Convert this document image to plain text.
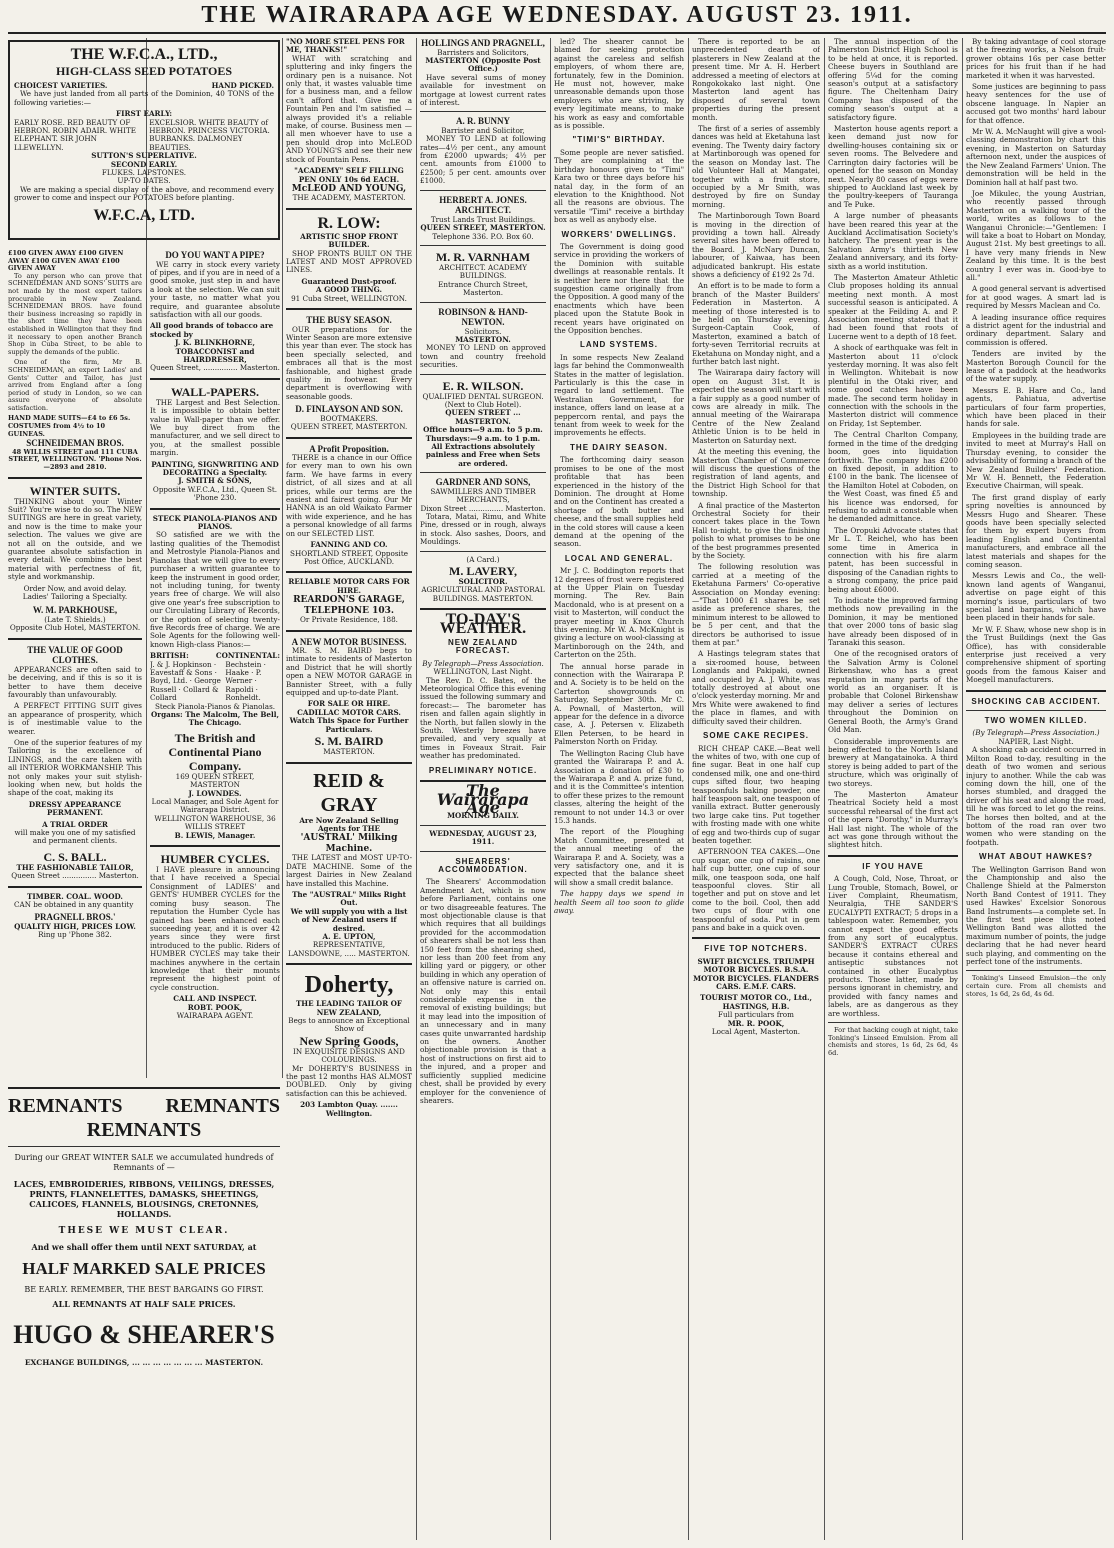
THE WAIRARAPA AGE WEDNESDAY. AUGUST 23. 1911.
THE W.F.C.A., LTD.,
HIGH-CLASS SEED POTATOES
CHOICEST VARIETIES.	HAND PICKED.
We have just landed from all parts of the Dominion, 40 TONS of the following varieties:—
FIRST EARLY:
EARLY ROSE. RED BEAUTY OF HEBRON. ROBIN ADAIR. WHITE ELEPHANT. SIR JOHN LLEWELLYN.
EXCELSIOR. WHITE BEAUTY of HEBRON. PRINCESS VICTORIA. BURBANKS. DALMONEY BEAUTIES.
SUTTON'S SUPERLATIVE.
SECOND EARLY.
FLUKES. LAPSTONES.
UP-TO DATES.
We are making a special display of the above, and recommend every grower to come and inspect our POTATOES before planting.
W.F.C.A, LTD.
£100 GIVEN AWAY £100 GIVEN AWAY £100 GIVEN AWAY £100 GIVEN AWAY
To any person who can prove that SCHNEIDEMAN AND SONS' SUITS are not made by the most expert tailors procurable in New Zealand. SCHNEIDEMAN BROS. have found their business increasing so rapidly in the short time they have been established in Wellington that they find it necessary to open another Branch Shop in Cuba Street, to be able to supply the demands of the public.
One of the firm, Mr B. SCHNEIDEMAN, an expert Ladies' and Gents' Cutter and Tailor, has just arrived from England after a long period of study in London, so we can assure everyone of absolute satisfaction.
HAND MADE SUITS—£4 to £6 5s. COSTUMES from 4½ to 10 GUINEAS.
SCHNEIDEMAN BROS.
48 WILLIS STREET and 111 CUBA STREET, WELLINGTON. 'Phone Nos.—2893 and 2810.
WINTER SUITS.
THINKING about your Winter Suit? You're wise to do so. The NEW SUITINGS are here in great variety, and now is the time to make your selection. The values we give are not all on the outside, and we guarantee absolute satisfaction in every detail. We combine the best material with perfectness of fit, style and workmanship.
Order Now, and avoid delay.
Ladies' Tailoring a Specialty.
W. M. PARKHOUSE,
(Late T. Shields.)
Opposite Club Hotel, MASTERTON.
THE VALUE OF GOOD CLOTHES.
APPEARANCES are often said to be deceiving, and if this is so it is better to have them deceive favourably than unfavourably.
A PERFECT FITTING SUIT gives an appearance of prosperity, which is of inestimable value to the wearer.
One of the superior features of my Tailoring is the excellence of LININGS, and the care taken with all INTERIOR WORKMANSHIP. This not only makes your suit stylish-looking when new, but holds the shape of the coat, making its
DRESSY APPEARANCE PERMANENT.
A TRIAL ORDER
will make you one of my satisfied and permanent clients.
C. S. BALL.
THE FASHIONABLE TAILOR,
Queen Street ............... Masterton.
TIMBER. COAL. WOOD.
CAN be obtained in any quantity
PRAGNELL BROS.'
QUALITY HIGH, PRICES LOW.
Ring up 'Phone 382.
DO YOU WANT A PIPE?
WE carry in stock every variety of pipes, and if you are in need of a good smoke, just step in and have a look at the selection. We can suit your taste, no matter what you require, and guarantee absolute satisfaction with all our goods.
All good brands of tobacco are stocked by
J. K. BLINKHORNE,
TOBACCONIST and HAIRDRESSER,
Queen Street, ............... Masterton.
WALL-PAPERS.
THE Largest and Best Selection. It is impossible to obtain better value in Wall-paper than we offer. We buy direct from the manufacturer, and we sell direct to you, at the smallest possible margin.
PAINTING, SIGNWRITING AND DECORATING a Specialty.
J. SMITH & SONS,
Opposite W.F.C.A., Ltd., Queen St. 'Phone 230.
STECK PIANOLA-PIANOS AND PIANOS.
SO satisfied are we with the lasting qualities of the Themodist and Metrostyle Pianola-Pianos and Pianolas that we will give to every purchaser a written guarantee to keep the instrument in good order, not including tuning, for twenty years free of charge. We will also give one year's free subscription to our Circulating Library of Records, or the option of selecting twenty-five Records free of charge. We are Sole Agents for the following well-known High-class Pianos:—
BRITISH:	CONTINENTAL:
J. & J. Hopkinson · Eavestaff & Sons · Boyd, Ltd. · George Russell · Collard & Collard
Bechstein · Haake · P. Werner · Rapoldi · Ronheldt.
Steck Pianola-Pianos & Pianolas.
Organs: The Malcolm, The Bell, The Chicago.
The British and Continental Piano Company.
169 QUEEN STREET, MASTERTON
J. LOWNDES.
Local Manager, and Sole Agent for Wairarapa District.
WELLINGTON WAREHOUSE, 36 WILLIS STREET
B. LEWIS, Manager.
HUMBER CYCLES.
I HAVE pleasure in announcing that I have received a Special Consignment of LADIES' and GENTS' HUMBER CYCLES for the coming busy season. The reputation the Humber Cycle has gained has been enhanced each succeeding year, and it is over 42 years since they were first introduced to the public. Riders of HUMBER CYCLES may take their machines anywhere in the certain knowledge that their mounts represent the highest point of cycle construction.
CALL AND INSPECT.
ROBT. POOK,
WAIRARAPA AGENT.
REMNANTS REMNANTS
REMNANTS
During our GREAT WINTER SALE we accumulated hundreds of Remnants of —
LACES, EMBROIDERIES, RIBBONS, VEILINGS, DRESSES, PRINTS, FLANNELETTES, DAMASKS, SHEETINGS, CALICOES, FLANNELS, BLOUSINGS, CRETONNES, HOLLANDS.
THESE WE MUST CLEAR.
And we shall offer them until NEXT SATURDAY, at
HALF MARKED SALE PRICES
BE EARLY. REMEMBER, THE BEST BARGAINS GO FIRST.
ALL REMNANTS AT HALF SALE PRICES.
HUGO & SHEARER'S
EXCHANGE BUILDINGS, ... ... ... ... ... ... ... MASTERTON.
"NO MORE STEEL PENS FOR ME, THANKS!"
WHAT with scratching and spluttering and inky fingers the ordinary pen is a nuisance. Not only that, it wastes valuable time for a business man, and a fellow can't afford that. Give me a Fountain Pen and I'm satisfied — always provided it's a reliable make, of course. Business men — all men whoever have to use a pen should drop into McLEOD AND YOUNG'S and see their new stock of Fountain Pens.
"ACADEMY" SELF FILLING PEN ONLY 10s 6d EACH.
McLEOD AND YOUNG,
THE ACADEMY, MASTERTON.
R. LOW:
ARTISTIC SHOP FRONT BUILDER.
SHOP FRONTS BUILT ON THE LATEST AND MOST APPROVED LINES.
Guaranteed Dust-proof.
A GOOD THING.
91 Cuba Street, WELLINGTON.
THE BUSY SEASON.
OUR preparations for the Winter Season are more extensive this year than ever. The stock has been specially selected, and embraces all that is the most fashionable, and highest grade quality in footwear. Every department is overflowing with seasonable goods.
D. FINLAYSON AND SON.
BOOTMAKERS.
QUEEN STREET, MASTERTON.
A Profit Proposition.
THERE is a chance in our Office for every man to own his own farm. We have farms in every district, of all sizes and at all prices, while our terms are the easiest and fairest going. Our Mr HANNA is an old Waikato Farmer with wide experience, and he has a personal knowledge of all farms on our SELECTED LIST.
FANNING AND CO.
SHORTLAND STREET, Opposite Post Office, AUCKLAND.
RELIABLE MOTOR CARS FOR HIRE.
REARDON'S GARAGE, TELEPHONE 103.
Or Private Residence, 188.
A NEW MOTOR BUSINESS.
MR. S. M. BAIRD begs to intimate to residents of Masterton and District that he will shortly open a NEW MOTOR GARAGE in Bannister Street, with a fully equipped and up-to-date Plant.
FOR SALE OR HIRE.
CADILLAC MOTOR CARS.
Watch This Space for Further Particulars.
S. M. BAIRD
MASTERTON.
REID & GRAY
Are Now Zealand Selling Agents for THE
'AUSTRAL' Milking Machine.
THE LATEST and MOST UP-TO-DATE MACHINE. Some of the largest Dairies in New Zealand have installed this Machine.
The "AUSTRAL" Milks Right Out.
We will supply you with a list of New Zealand users if desired.
A. E. UPTON,
REPRESENTATIVE, LANSDOWNE, ..... MASTERTON.
Doherty,
THE LEADING TAILOR OF NEW ZEALAND,
Begs to announce an Exceptional Show of
New Spring Goods,
IN EXQUISITE DESIGNS AND COLOURINGS.
Mr DOHERTY'S BUSINESS in the past 12 months HAS ALMOST DOUBLED. Only by giving satisfaction can this be achieved.
203 Lambton Quay. ....... Wellington.
HOLLINGS AND PRAGNELL,
Barristers and Solicitors,
MASTERTON (Opposite Post Office.)
Have several sums of money available for investment on mortgage at lowest current rates of interest.
A. R. BUNNY
Barrister and Solicitor,
MONEY TO LEND at following rates—4½ per cent., any amount from £2000 upwards; 4½ per cent. amounts from £1000 to £2500; 5 per cent. amounts over £1000.
HERBERT A. JONES. ARCHITECT.
Trust Lands Trust Buildings.
QUEEN STREET, MASTERTON.
Telephone 336. P.O. Box 60.
M. R. VARNHAM
ARCHITECT. ACADEMY BUILDINGS.
Entrance Church Street, Masterton.
ROBINSON & HAND-NEWTON.
Solicitors.
MASTERTON.
MONEY TO LEND on approved town and country freehold securities.
E. R. WILSON.
QUALIFIED DENTAL SURGEON. (Next to Club Hotel).
QUEEN STREET ... MASTERTON.
Office hours—9 a.m. to 5 p.m. Thursdays:—9 a.m. to 1 p.m.
All Extractions absolutely painless and Free when Sets are ordered.
GARDNER AND SONS,
SAWMILLERS AND TIMBER MERCHANTS,
Dixon Street ............... Masterton.
Totara, Matai, Rimu, and White Pine, dressed or in rough, always in stock. Also sashes, Doors, and Mouldings.
(A Card.)
M. LAVERY,
SOLICITOR.
AGRICULTURAL AND PASTORAL BUILDINGS. MASTERTON.
TO-DAY'S WEATHER.
NEW ZEALAND FORECAST.
By Telegraph—Press Association.
WELLINGTON, Last Night.
The Rev. D. C. Bates, of the Meteorological Office this evening issued the following summary and forecast:— The barometer has risen and fallen again slightly in the North, but fallen slowly in the South. Westerly breezes have prevailed, and very squally at times in Foveaux Strait. Fair weather has predominated.
PRELIMINARY NOTICE.
The Wairarapa Age
MORNING DAILY.
WEDNESDAY, AUGUST 23, 1911.
SHEARERS' ACCOMMODATION.
The Shearers' Accommodation Amendment Act, which is now before Parliament, contains one or two disagreeable features. The most objectionable clause is that which requires that all buildings provided for the accommodation of shearers shall be not less than 150 feet from the shearing shed, nor less than 200 feet from any killing yard or piggery, or other building in which any operation of an offensive nature is carried on. Not only may this entail considerable expense in the removal of existing buildings; but it may lead into the imposition of an unnecessary and in many cases quite unwarranted hardship on the owners. Another objectionable provision is that a host of instructions on first aid to the injured, and a proper and sufficiently supplied medicine chest, shall be provided by every employer for the convenience of shearers.
led? The shearer cannot be blamed for seeking protection against the careless and selfish employers, of whom there are, fortunately, few in the Dominion. He must not, however, make unreasonable demands upon those employers who are striving, by every legitimate means, to make his work as easy and comfortable as is possible.
"TIMI'S" BIRTHDAY.
Some people are never satisfied. They are complaining at the birthday honours given to "Timi" Kara two or three days before his natal day, in the form of an elevation to the Knighthood. Not all the reasons are obvious. The versatile "Timi" receive a birthday box as well as anybody else.
WORKERS' DWELLINGS.
The Government is doing good service in providing the workers of the Dominion with suitable dwellings at reasonable rentals. It is neither here nor there that the suggestion came originally from the Opposition. A good many of the enactments which have been placed upon the Statute Book in recent years have originated on the Opposition benches.
LAND SYSTEMS.
In some respects New Zealand lags far behind the Commonwealth States in the matter of legislation. Particularly is this the case in regard to land settlement. The Westralian Government, for instance, offers land on lease at a peppercorn rental, and pays the tenant from week to week for the improvements he effects.
THE DAIRY SEASON.
The forthcoming dairy season promises to be one of the most profitable that has been experienced in the history of the Dominion. The drought at Home and on the Continent has created a shortage of both butter and cheese, and the small supplies held in the cold stores will cause a keen demand at the opening of the season.
LOCAL AND GENERAL.
Mr J. C. Boddington reports that 12 degrees of frost were registered at the Upper Plain on Tuesday morning. The Rev. Bain Macdonald, who is at present on a visit to Masterton, will conduct the prayer meeting in Knox Church this evening. Mr W. A. McKnight is giving a lecture on wool-classing at Martinborough on the 24th, and Carterton on the 25th.
The annual horse parade in connection with the Wairarapa P. and A. Society is to be held on the Carterton showgrounds on Saturday, September 30th. Mr C. A. Pownall, of Masterton, will appear for the defence in a divorce case, A. J. Petersen v. Elizabeth Ellen Petersen, to be heard in Palmerston North on Friday.
The Wellington Racing Club have granted the Wairarapa P. and A. Association a donation of £30 to the Wairarapa P. and A. prize fund, and it is the Committee's intention to offer these prizes to the remount classes, altering the height of the remount to not under 14.3 or over 15.3 hands.
The report of the Ploughing Match Committee, presented at the annual meeting of the Wairarapa P. and A. Society, was a very satisfactory one, and it is expected that the balance sheet will show a small credit balance.
The happy days we spend in health Seem all too soon to glide away.
There is reported to be an unprecedented dearth of plasterers in New Zealand at the present time. Mr A. H. Herbert addressed a meeting of electors at Rongokokako last night. One Masterton land agent has disposed of several town properties during the present month.
The first of a series of assembly dances was held at Eketahuna last evening. The Twenty dairy factory at Martinborough was opened for the season on Monday last. The old Volunteer Hall at Mangatei, together with a fruit store, occupied by a Mr Smith, was destroyed by fire on Sunday morning.
The Martinborough Town Board is moving in the direction of providing a town hall. Already several sites have been offered to the Board. J. McNary Duncan, labourer, of Kaiwaa, has been adjudicated bankrupt. His estate shows a deficiency of £192 2s 7d.
An effort is to be made to form a branch of the Master Builders' Federation in Masterton. A meeting of those interested is to be held on Thursday evening. Surgeon-Captain Cook, of Masterton, examined a batch of forty-seven Territorial recruits at Eketahuna on Monday night, and a further batch last night.
The Wairarapa dairy factory will open on August 31st. It is expected the season will start with a fair supply as a good number of cows are already in milk. The annual meeting of the Wairarapa Centre of the New Zealand Athletic Union is to be held in Masterton on Saturday next.
At the meeting this evening, the Masterton Chamber of Commerce will discuss the questions of the registration of land agents, and the District High School for that township.
A final practice of the Masterton Orchestral Society for their concert takes place in the Town Hall to-night, to give the finishing polish to what promises to be one of the best programmes presented by the Society.
The following resolution was carried at a meeting of the Eketahuna Farmers' Co-operative Association on Monday evening:—"That 1000 £1 shares be set aside as preference shares, the minimum interest to be allowed to be 5 per cent, and that the directors be authorised to issue them at par."
A Hastings telegram states that a six-roomed house, between Longlands and Pakipaki, owned and occupied by A. J. White, was totally destroyed at about one o'clock yesterday morning. Mr and Mrs White were awakened to find the place in flames, and with difficulty saved their children.
SOME CAKE RECIPES.
RICH CHEAP CAKE.—Beat well the whites of two, with one cup of fine sugar. Beat in one half cup condensed milk, one and one-third cups sifted flour, two heaping teaspoonfuls baking powder, one half teaspoon salt, one teaspoon of vanilla extract. Butter generously two large cake tins. Put together with frosting made with one white of egg and two-thirds cup of sugar beaten together.
AFTERNOON TEA CAKES.—One cup sugar, one cup of raisins, one half cup butter, one cup of sour milk, one teaspoon soda, one half teaspoonful cloves. Stir all together and put on stove and let come to the boil. Cool, then add two cups of flour with one teaspoonful of soda. Put in gem pans and bake in a quick oven.
FIVE TOP NOTCHERS.
SWIFT BICYCLES. TRIUMPH MOTOR BICYCLES. B.S.A. MOTOR BICYCLES. FLANDERS CARS. E.M.F. CARS.
TOURIST MOTOR CO., Ltd., HASTINGS, H.B.
Full particulars from
MR. R. POOK,
Local Agent, Masterton.
The annual inspection of the Palmerston District High School is to be held at once, it is reported. Cheese buyers in Southland are offering 5¼d for the coming season's output at a satisfactory figure. The Cheltenham Dairy Company has disposed of the coming season's output at a satisfactory figure.
Masterton house agents report a keen demand just now for dwelling-houses containing six or seven rooms. The Belvedere and Carrington dairy factories will be opened for the season on Monday next. Nearly 80 cases of eggs were shipped to Auckland last week by the poultry-keepers of Tauranga and Te Puke.
A large number of pheasants have been reared this year at the Auckland Acclimatisation Society's hatchery. The present year is the Salvation Army's thirtieth New Zealand anniversary, and its forty-sixth as a world institution.
The Masterton Amateur Athletic Club proposes holding its annual meeting next month. A most successful season is anticipated. A speaker at the Feilding A. and P. Association meeting stated that it had been found that roots of Lucerne went to a depth of 18 feet.
A shock of earthquake was felt in Masterton about 11 o'clock yesterday morning. It was also felt in Wellington. Whitebait is now plentiful in the Otaki river, and some good catches have been made. The second term holiday in connection with the schools in the Masterton district will commence on Friday, 1st September.
The Central Charlton Company, formed in the time of the dredging boom, goes into liquidation forthwith. The company has £200 on fixed deposit, in addition to £100 in the bank. The licensee of the Hamilton Hotel at Coboden, on the West Coast, was fined £5 and his licence was endorsed, for refusing to admit a constable when he demanded admittance.
The Oropuki Advocate states that Mr L. T. Reichel, who has been some time in America in connection with his fire alarm patent, has been successful in disposing of the Canadian rights to a strong company, the price paid being about £6000.
To indicate the improved farming methods now prevailing in the Dominion, it may be mentioned that over 2000 tons of basic slag have already been disposed of in Taranaki this season.
One of the recognised orators of the Salvation Army is Colonel Birkenshaw, who has a great reputation in many parts of the world as an organiser. It is probable that Colonel Birkenshaw may deliver a series of lectures throughout the Dominion on General Booth, the Army's Grand Old Man.
Considerable improvements are being effected to the North Island brewery at Mangatainoka. A third storey is being added to part of the structure, which was originally of two storeys.
The Masterton Amateur Theatrical Society held a most successful rehearsal of the first act of the opera "Dorothy," in Murray's Hall last night. The whole of the act was gone through without the slightest hitch.
IF YOU HAVE
A Cough, Cold, Nose, Throat, or Lung Trouble, Stomach, Bowel, or Liver Complaint, Rheumatism, Neuralgia, THE SANDER'S EUCALYPTI EXTRACT; 5 drops in a tablespoon water. Remember, you cannot expect the good effects from any sort of eucalyptus. SANDER'S EXTRACT CURES because it contains ethereal and antiseptic substances not contained in other Eucalyptus products. Those latter, made by persons ignorant in chemistry, and provided with fancy names and labels, are as dangerous as they are worthless.
For that hacking cough at night, take Tonking's Linseed Emulsion. From all chemists and stores, 1s 6d, 2s 6d, 4s 6d.
By taking advantage of cool storage at the freezing works, a Nelson fruit-grower obtains 16s per case better prices for his fruit than if he had marketed it when it was harvested.
Some justices are beginning to pass heavy sentences for the use of obscene language. In Napier an accused got two months' hard labour for that offence.
Mr W. A. McNaught will give a wool-classing demonstration by chart this evening, in Masterton on Saturday afternoon next, under the auspices of the New Zealand Farmers' Union. The demonstration will be held in the Dominion hall at half past two.
Joe Mikulec, the young Austrian, who recently passed through Masterton on a walking tour of the world, writes as follows to the Wanganui Chronicle:—"Gentlemen: I will take a boat to Hobart on Monday, August 21st. My best greetings to all. I have very many friends in New Zealand by this time. It is the best country I ever was in. Good-bye to all."
A good general servant is advertised for at good wages. A smart lad is required by Messrs Maclean and Co.
A leading insurance office requires a district agent for the industrial and ordinary department. Salary and commission is offered.
Tenders are invited by the Masterton Borough Council for the lease of a paddock at the headworks of the water supply.
Messrs E. B. Hare and Co., land agents, Pahiatua, advertise particulars of four farm properties, which have been placed in their hands for sale.
Employees in the building trade are invited to meet at Murray's Hall on Thursday evening, to consider the advisability of forming a branch of the New Zealand Builders' Federation. Mr W. H. Bennett, the Federation Executive Chairman, will speak.
The first grand display of early spring novelties is announced by Messrs Hugo and Shearer. These goods have been specially selected for them by expert buyers from leading English and Continental manufacturers, and embrace all the latest materials and shapes for the coming season.
Messrs Lewis and Co., the well-known land agents of Wanganui, advertise on page eight of this morning's issue, particulars of two special land bargains, which have been placed in their hands for sale.
Mr W. F. Shaw, whose new shop is in the Trust Buildings (next the Gas Office), has with considerable enterprise just received a very comprehensive shipment of sporting goods from the famous Kaiser and Moegell manufacturers.
SHOCKING CAB ACCIDENT.
TWO WOMEN KILLED.
(By Telegraph—Press Association.)
NAPIER, Last Night.
A shocking cab accident occurred in Milton Road to-day, resulting in the death of two women and serious injury to another. While the cab was coming down the hill, one of the horses stumbled, and dragged the driver off his seat and along the road, till he was forced to let go the reins. The horses then bolted, and at the bottom of the road ran over two women who were standing on the footpath.
WHAT ABOUT HAWKES?
The Wellington Garrison Band won the Championship and also the Challenge Shield at the Palmerston North Band Contest of 1911. They used Hawkes' Excelsior Sonorous Band Instruments—a complete set. In the first test piece this noted Wellington Band was allotted the maximum number of points, the judge declaring that he had never heard such playing, and commenting on the perfect tone of the instruments.
Tonking's Linseed Emulsion—the only certain cure. From all chemists and stores, 1s 6d, 2s 6d, 4s 6d.
